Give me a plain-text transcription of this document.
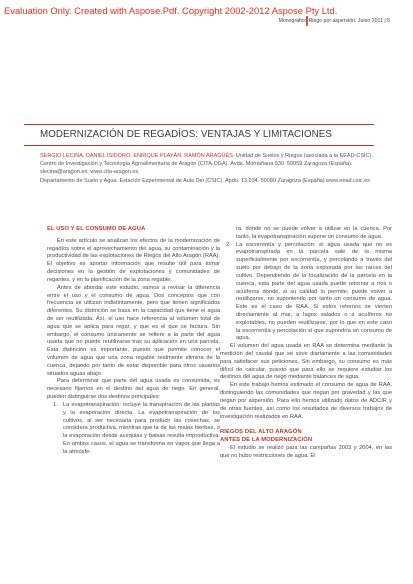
Evaluation Only. Created with Aspose.Pdf. Copyright 2002-2012 Aspose Pty Ltd.
Monográfico Riego por aspersión. Junio 2011 | 5
MODERNIZACIÓN DE REGADÍOS: VENTAJAS Y LIMITACIONES
SERGIO LECINA, DANIEL ISIDORO, ENRIQUE PLAYÁN, RAMÓN ARAGÜÉS. Unidad de Suelos y Riegos (asociada a la EEAD-CSIC). Centro de Investigación y Tecnología Agroalimentaria de Aragón (CITA-DGA). Avda. Montañana 930. 50059 Zaragoza (España). slecina@aragon.es; www.cita-aragon.es
Departamento de Suelo y Agua. Estación Experimental de Aula Dei (CSIC). Apdo. 13.034. 50080 Zaragoza (España) www.eead.csic.es
EL USO Y EL CONSUMO DE AGUA

En este artículo se analizan los efectos de la modernización de regadíos sobre el aprovechamiento del agua, su contaminación y la productividad de las explotaciones de Riegos del Alto Aragón (RAA). El objetivo es aportar información que resulte útil para tomar decisiones en la gestión de explotaciones y comunidades de regantes, y en la planificación de la zona regable.

Antes de abordar este estudio, vamos a revisar la diferencia entre el uso y el consumo de agua. Dos conceptos que con frecuencia se utilizan indistintamente, pero que tienen significados diferentes. Su distinción se basa en la capacidad que tiene el agua de ser reutilizada. Así, el uso hace referencia al volumen total de agua que se aplica para regar, y que es el que se factura. Sin embargo, el consumo únicamente se refiere a la parte del agua usada que no puede reutilizarse tras su aplicación en una parcela. Esta distinción es importante, puesto que permite conocer el volumen de agua que una zona regable realmente elimina de la cuenca, dejando por tanto de estar disponible para otros usuarios situados aguas abajo.

Para determinar qué parte del agua usada es consumida, es necesario fijarnos en el destino del agua de riego. En general, pueden distinguirse dos destinos principales:

1. La evapotranspiración: incluye la transpiración de las plantas y la evaporación directa. La evapotranspiración de los cultivos, al ser necesaria para producir las cosechas, se considera productiva, mientras que la de las malas hierbas, o la evaporación desde acequias y balsas resulta improductiva. En ambos casos, el agua se transforma en vapor que llega a la atmósfe-

ra, donde no se puede volver a utilizar en la cuenca. Por tanto, la evapotranspiración supone un consumo de agua.

2. La escorrentía y percolación: el agua usada que no es evapotranspirada en la parcela sale de la misma superficialmente por escorrentía, y percolando a través del suelo por debajo de la zona explorada por las raíces del cultivo. Dependiendo de la localización de la parcela en la cuenca, esta parte del agua usada puede retornar a ríos o acuíferos donde, si su calidad lo permite, puede volver a reutilizarse, no suponiendo por tanto un consumo de agua. Este es el caso de RAA. Si estos retornos se vierten directamente al mar, a lagos salados o a acuíferos no explotables, no pueden reutilizarse, por lo que en este caso la escorrentía y percolación sí que supondría un consumo de agua.

El volumen del agua usada en RAA se determina mediante la medición del caudal que se sirve diariamente a las comunidades para satisfacer sus peticiones. Sin embargo, su consumo es más difícil de calcular, puesto que para ello se requiere estudiar los destinos del agua de riego mediante balances de agua.

En este trabajo hemos estimado el consumo de agua de RAA, distinguiendo las comunidades que riegan por gravedad y las que riegan por aspersión. Para ello hemos utilizado datos de ADCIR y de otras fuentes, así como los resultados de diversos trabajos de investigación realizados en RAA.

RIEGOS DEL ALTO ARAGÓN
ANTES DE LA MODERNIZACIÓN

El estudio se realizó para las campañas 2003 y 2004, en las que no hubo restricciones de agua. El
